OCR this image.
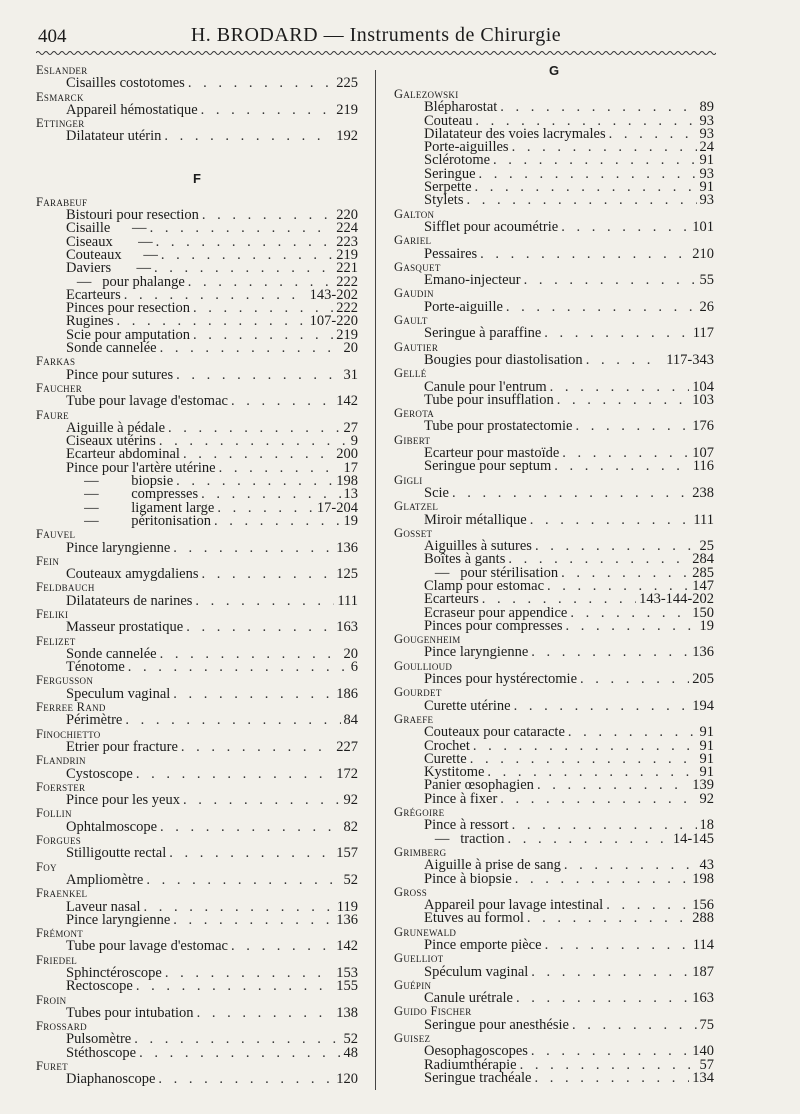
404	H. BRODARD — Instruments de Chirurgie
Eslander
Cisailles costotomes . . .	225
Esmarck
Appareil hémostatique . . .	219
Ettinger
Dilatateur utérin . . .	192
F
Farabeuf
Bistouri pour resection . . .	220
Cisaille      — . . .	224
Ciseaux       — . . .	223
Couteaux      — . . .	219
Daviers       — . . .	221
—   pour phalange . . .	222
Ecarteurs . . .	143-202
Pinces pour resection . . .	222
Rugines . . .	107-220
Scie pour amputation . . .	219
Sonde cannelée . . .	20
Farkas
Pince pour sutures . . .	31
Faucher
Tube pour lavage d'estomac . . .	142
Faure
Aiguille à pédale . . .	27
Ciseaux utérins . . .	9
Ecarteur abdominal . . .	200
Pince pour l'artère utérine . . .	17
—         biopsie . . .	198
—         compresses . . .	13
—         ligament large . . .	17-204
—         péritonisation . . .	19
Fauvel
Pince laryngienne . . .	136
Fein
Couteaux amygdaliens . . .	125
Feldbauch
Dilatateurs de narines . . .	111
Feliki
Masseur prostatique . . .	163
Felizet
Sonde cannelée . . .	20
Ténotome . . .	6
Fergusson
Speculum vaginal . . .	186
Ferree Rand
Périmètre . . .	84
Finochietto
Etrier pour fracture . . .	227
Flandrin
Cystoscope . . .	172
Foerster
Pince pour les yeux . . .	92
Follin
Ophtalmoscope . . .	82
Forgues
Stilligoutte rectal . . .	157
Foy
Ampliomètre . . .	52
Fraenkel
Laveur nasal . . .	119
Pince laryngienne . . .	136
Frémont
Tube pour lavage d'estomac . . .	142
Friedel
Sphinctéroscope . . .	153
Rectoscope . . .	155
Froin
Tubes pour intubation . . .	138
Frossard
Pulsomètre . . .	52
Stéthoscope . . .	48
Furet
Diaphanoscope . . .	120
G
Galezowski
Blépharostat . . .	89
Couteau . . .	93
Dilatateur des voies lacrymales . . .	93
Porte-aiguilles . . .	24
Sclérotome . . .	91
Seringue . . .	93
Serpette . . .	91
Stylets . . .	93
Galton
Sifflet pour acoumétrie . . .	101
Gariel
Pessaires . . .	210
Gasquet
Emano-injecteur . . .	55
Gaudin
Porte-aiguille . . .	26
Gault
Seringue à paraffine . . .	117
Gautier
Bougies pour diastolisation . . .	117-343
Gellé
Canule pour l'entrum . . .	104
Tube pour insufflation . . .	103
Gerota
Tube pour prostatectomie . . .	176
Gibert
Ecarteur pour mastoïde . . .	107
Seringue pour septum . . .	116
Gigli
Scie . . .	238
Glatzel
Miroir métallique . . .	111
Gosset
Aiguilles à sutures . . .	25
Boîtes à gants . . .	284
—   pour stérilisation . . .	285
Clamp pour estomac . . .	147
Ecarteurs . . .	143-144-202
Ecraseur pour appendice . . .	150
Pinces pour compresses . . .	19
Gougenheim
Pince laryngienne . . .	136
Goullioud
Pinces pour hystérectomie . . .	205
Gourdet
Curette utérine . . .	194
Graefe
Couteaux pour cataracte . . .	91
Crochet . . .	91
Curette . . .	91
Kystitome . . .	91
Panier œsophagien . . .	139
Pince à fixer . . .	92
Grégoire
Pince à ressort . . .	18
—   traction . . .	14-145
Grimberg
Aiguille à prise de sang . . .	43
Pince à biopsie . . .	198
Gross
Appareil pour lavage intestinal . . .	156
Etuves au formol . . .	288
Grunewald
Pince emporte pièce . . .	114
Guelliot
Spéculum vaginal . . .	187
Guépin
Canule urétrale . . .	163
Guido Fischer
Seringue pour anesthésie . . .	75
Guisez
Oesophagoscopes . . .	140
Radiumthérapie . . .	57
Seringue trachéale . . .	134
